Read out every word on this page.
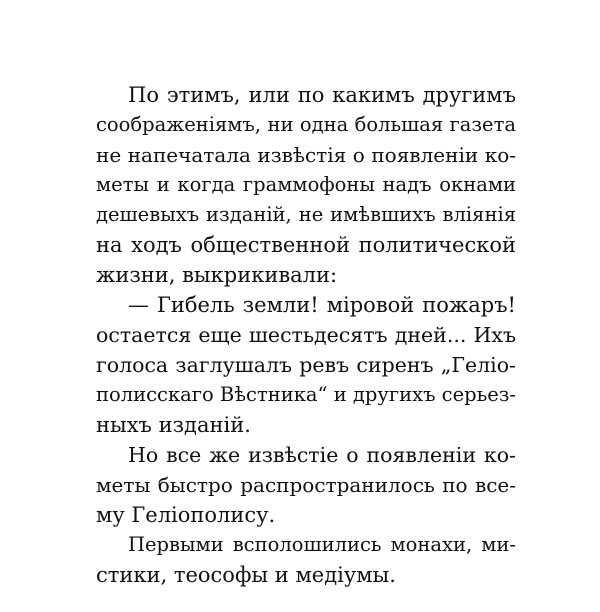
По этимъ, или по какимъ другимъ
соображеніямъ, ни одна большая газета
не напечатала извѣстія о появленіи ко-
меты и когда граммофоны надъ окнами
дешевыхъ изданій, не имѣвшихъ вліянія
на ходъ общественной политической
жизни, выкрикивали:
— Гибель земли! міровой пожаръ!
остается еще шестьдесятъ дней... Ихъ
голоса заглушалъ ревъ сиренъ „Геліо-
полисскаго Вѣстника“ и другихъ серьез-
ныхъ изданій.
Но все же извѣстіе о появленіи ко-
меты быстро распространилось по все-
му Геліополису.
Первыми всполошились монахи, ми-
стики, теософы и медіумы.
